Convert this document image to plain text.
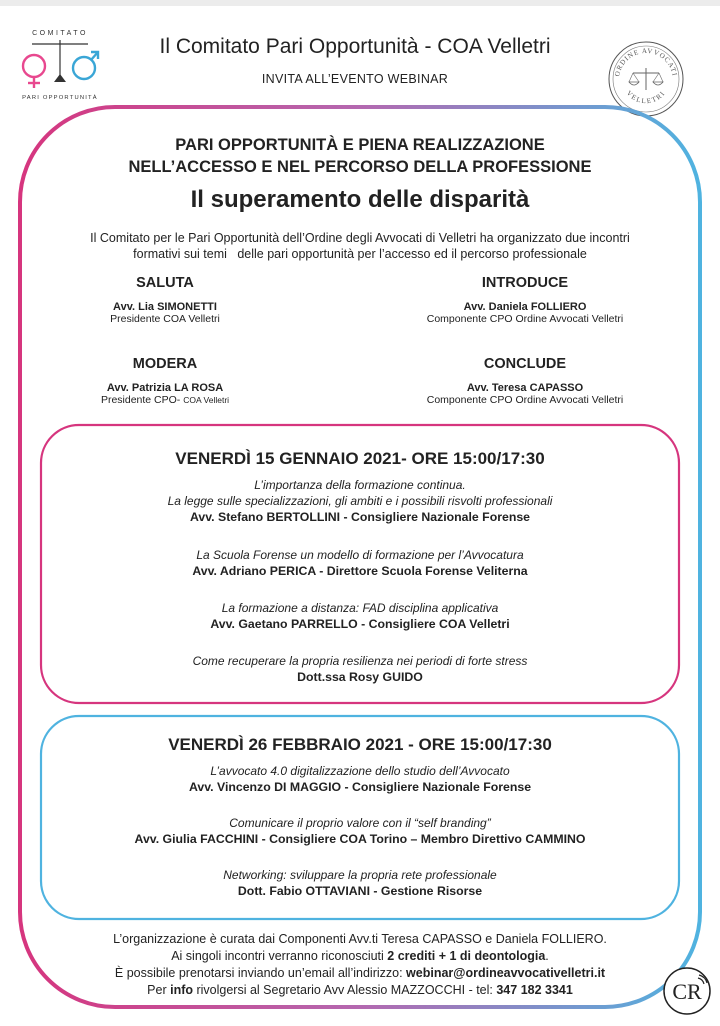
COMITATO
PARI OPPORTUNITÀ
Il Comitato Pari Opportunità - COA Velletri
INVITA ALL’EVENTO WEBINAR	ORDINE AVVOCATI
VELLETRI
PARI OPPORTUNITÀ E PIENA REALIZZAZIONE
NELL’ACCESSO E NEL PERCORSO DELLA PROFESSIONE
Il superamento delle disparità
Il Comitato per le Pari Opportunità dell’Ordine degli Avvocati di Velletri ha organizzato due incontri
formativi sui temi   delle pari opportunità per l’accesso ed il percorso professionale
SALUTA
Avv. Lia SIMONETTI
Presidente COA Velletri
INTRODUCE
Avv. Daniela FOLLIERO
Componente CPO Ordine Avvocati Velletri
MODERA
Avv. Patrizia LA ROSA
Presidente CPO- COA Velletri
CONCLUDE
Avv. Teresa CAPASSO
Componente CPO Ordine Avvocati Velletri
VENERDÌ 15 GENNAIO 2021- ORE 15:00/17:30
L’importanza della formazione continua.
La legge sulle specializzazioni, gli ambiti e i possibili risvolti professionali
Avv. Stefano BERTOLLINI - Consigliere Nazionale Forense
La Scuola Forense un modello di formazione per l’Avvocatura
Avv. Adriano PERICA - Direttore Scuola Forense Veliterna
La formazione a distanza: FAD disciplina applicativa
Avv. Gaetano PARRELLO - Consigliere COA Velletri
Come recuperare la propria resilienza nei periodi di forte stress
Dott.ssa Rosy GUIDO
VENERDÌ 26 FEBBRAIO 2021 - ORE 15:00/17:30
L’avvocato 4.0 digitalizzazione dello studio dell’Avvocato
Avv. Vincenzo DI MAGGIO - Consigliere Nazionale Forense
Comunicare il proprio valore con il “self branding”
Avv. Giulia FACCHINI - Consigliere COA Torino – Membro Direttivo CAMMINO
Networking: sviluppare la propria rete professionale
Dott. Fabio OTTAVIANI - Gestione Risorse
L’organizzazione è curata dai Componenti Avv.ti Teresa CAPASSO e Daniela FOLLIERO.
Ai singoli incontri verranno riconosciuti 2 crediti + 1 di deontologia.
È possibile prenotarsi inviando un’email all’indirizzo: webinar@ordineavvocativelletri.it
Per info rivolgersi al Segretario Avv Alessio MAZZOCCHI - tel: 347 182 3341	CR
